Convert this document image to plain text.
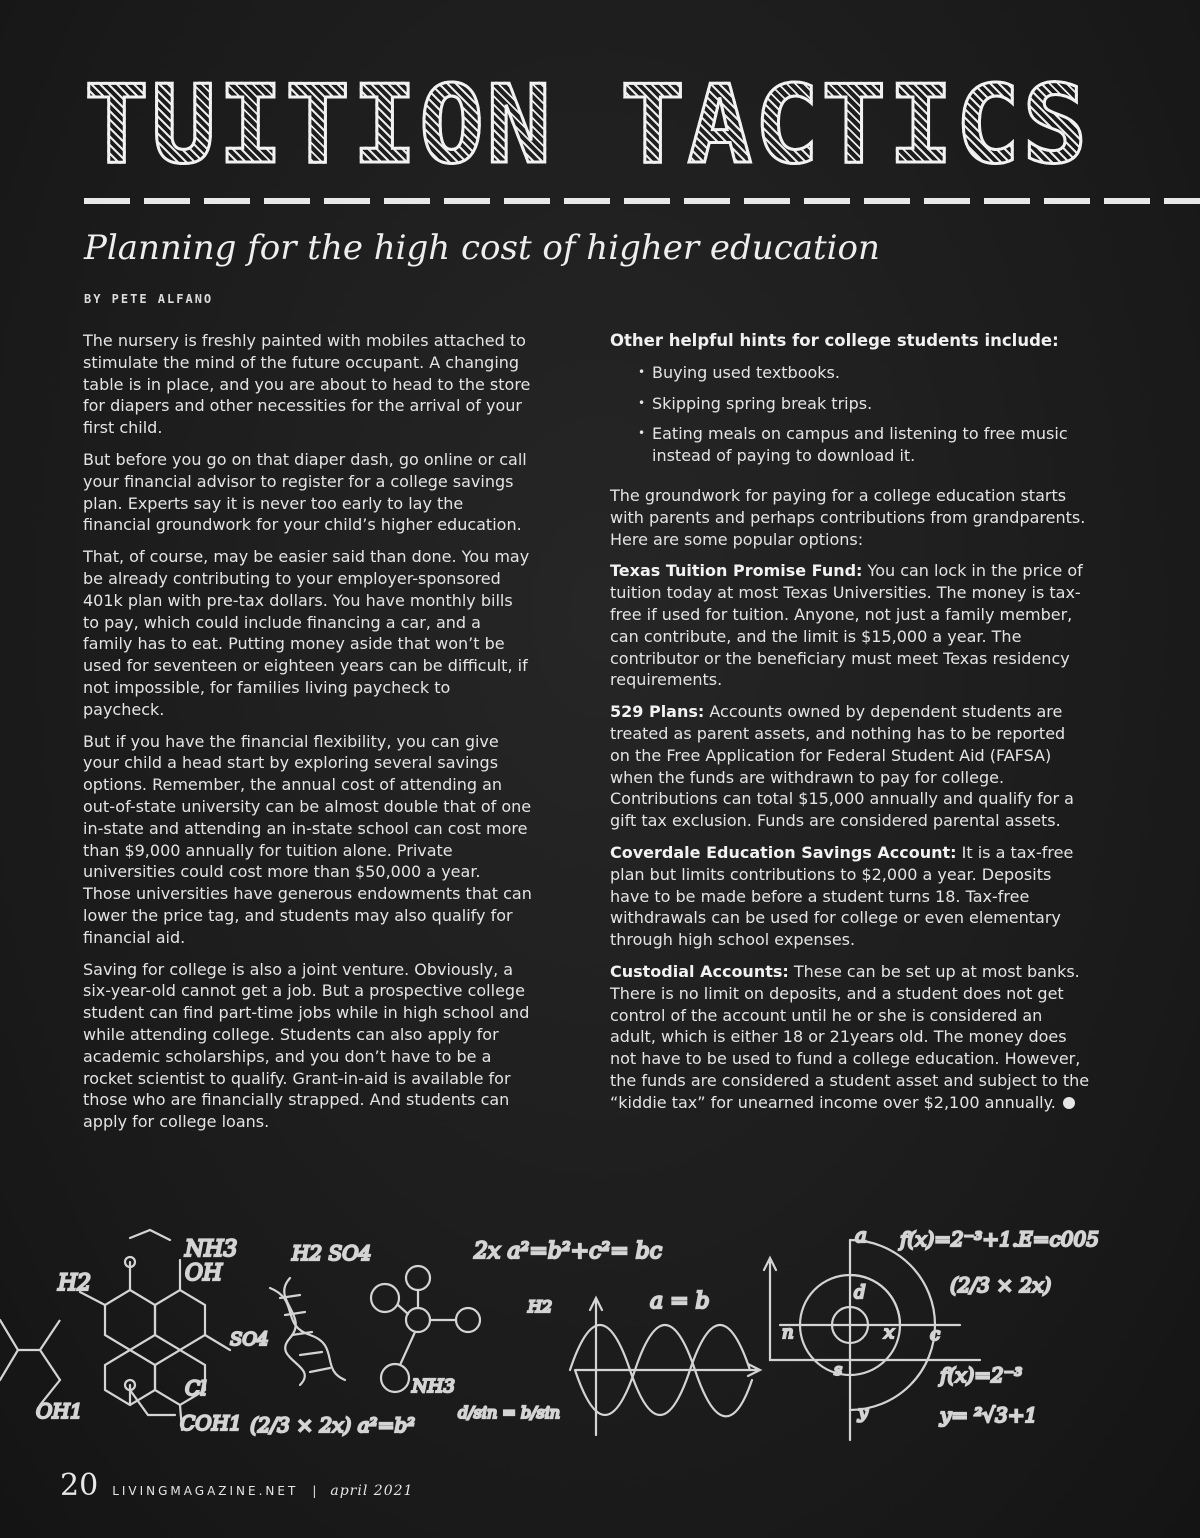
TUITION TACTICS
Planning for the high cost of higher education

BY PETE ALFANO

The nursery is freshly painted with mobiles attached to stimulate the mind of the future occupant. A changing table is in place, and you are about to head to the store for diapers and other necessities for the arrival of your first child.

But before you go on that diaper dash, go online or call your financial advisor to register for a college savings plan. Experts say it is never too early to lay the financial groundwork for your child’s higher education.

That, of course, may be easier said than done. You may be already contributing to your employer-sponsored 401k plan with pre-tax dollars. You have monthly bills to pay, which could include financing a car, and a family has to eat. Putting money aside that won’t be used for seventeen or eighteen years can be difficult, if not impossible, for families living paycheck to paycheck.

But if you have the financial flexibility, you can give your child a head start by exploring several savings options. Remember, the annual cost of attending an out-of-state university can be almost double that of one in-state and attending an in-state school can cost more than $9,000 annually for tuition alone. Private universities could cost more than $50,000 a year. Those universities have generous endowments that can lower the price tag, and students may also qualify for financial aid.

Saving for college is also a joint venture. Obviously, a six-year-old cannot get a job. But a prospective college student can find part-time jobs while in high school and while attending college. Students can also apply for academic scholarships, and you don’t have to be a rocket scientist to qualify. Grant-in-aid is available for those who are financially strapped. And students can apply for college loans.

Other helpful hints for college students include:

• Buying used textbooks.
• Skipping spring break trips.
• Eating meals on campus and listening to free music instead of paying to download it.

The groundwork for paying for a college education starts with parents and perhaps contributions from grandparents. Here are some popular options:

Texas Tuition Promise Fund: You can lock in the price of tuition today at most Texas Universities. The money is tax-free if used for tuition. Anyone, not just a family member, can contribute, and the limit is $15,000 a year. The contributor or the beneficiary must meet Texas residency requirements.

529 Plans: Accounts owned by dependent students are treated as parent assets, and nothing has to be reported on the Free Application for Federal Student Aid (FAFSA) when the funds are withdrawn to pay for college. Contributions can total $15,000 annually and qualify for a gift tax exclusion. Funds are considered parental assets.

Coverdale Education Savings Account: It is a tax-free plan but limits contributions to $2,000 a year. Deposits have to be made before a student turns 18. Tax-free withdrawals can be used for college or even elementary through high school expenses.

Custodial Accounts: These can be set up at most banks. There is no limit on deposits, and a student does not get control of the account until he or she is considered an adult, which is either 18 or 21years old. The money does not have to be used to fund a college education. However, the funds are considered a student asset and subject to the “kiddie tax” for unearned income over $2,100 annually.

H2
NH3
OH
H2 SO4
SO4
Cl
COH1
OH1
NH3
2x a²=b²+c²= bc
a = b
H2
d/sin = b/sin
(2/3 × 2x) a²=b²
a f(x)=2⁻³+1.E=c005
(2/3 × 2x)
d
n	x c
s
y
f(x)=2⁻³
y= ²√3+1
20 LIVINGMAGAZINE.NET | april 2021
